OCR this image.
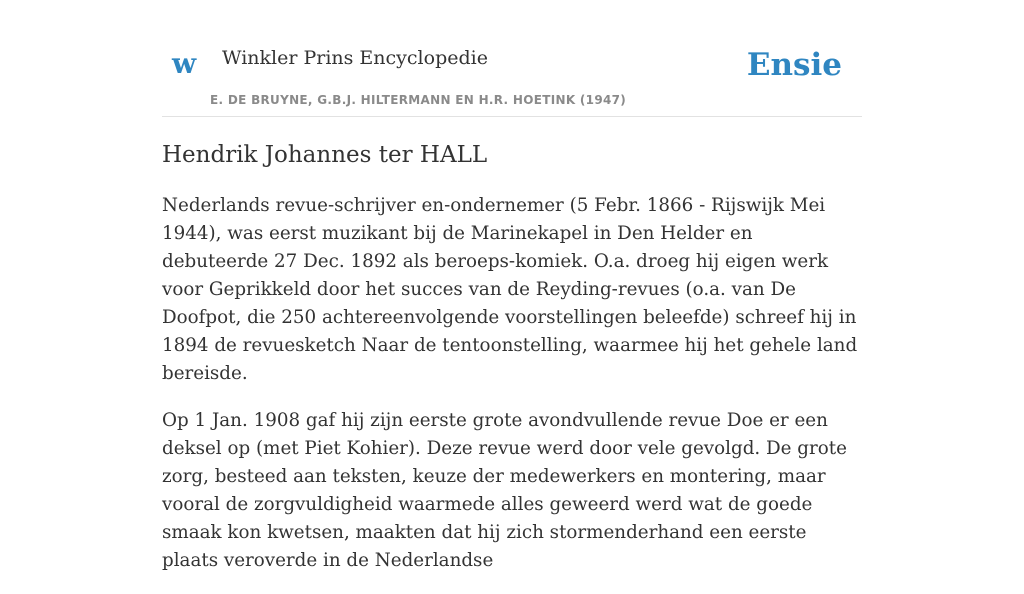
w Winkler Prins Encyclopedie
E. DE BRUYNE, G.B.J. HILTERMANN EN H.R. HOETINK (1947)
Ensie
Hendrik Johannes ter HALL

Nederlands revue-schrijver en-ondernemer (5 Febr. 1866 - Rijswijk Mei 1944), was eerst muzikant bij de Marinekapel in Den Helder en debuteerde 27 Dec. 1892 als beroeps-komiek. O.a. droeg hij eigen werk voor Geprikkeld door het succes van de Reyding-revues (o.a. van De Doofpot, die 250 achtereenvolgende voorstellingen beleefde) schreef hij in 1894 de revuesketch Naar de tentoonstelling, waarmee hij het gehele land bereisde.

Op 1 Jan. 1908 gaf hij zijn eerste grote avondvullende revue Doe er een deksel op (met Piet Kohier). Deze revue werd door vele gevolgd. De grote zorg, besteed aan teksten, keuze der medewerkers en montering, maar vooral de zorgvuldigheid waarmede alles geweerd werd wat de goede smaak kon kwetsen, maakten dat hij zich stormenderhand een eerste plaats veroverde in de Nederlandse
